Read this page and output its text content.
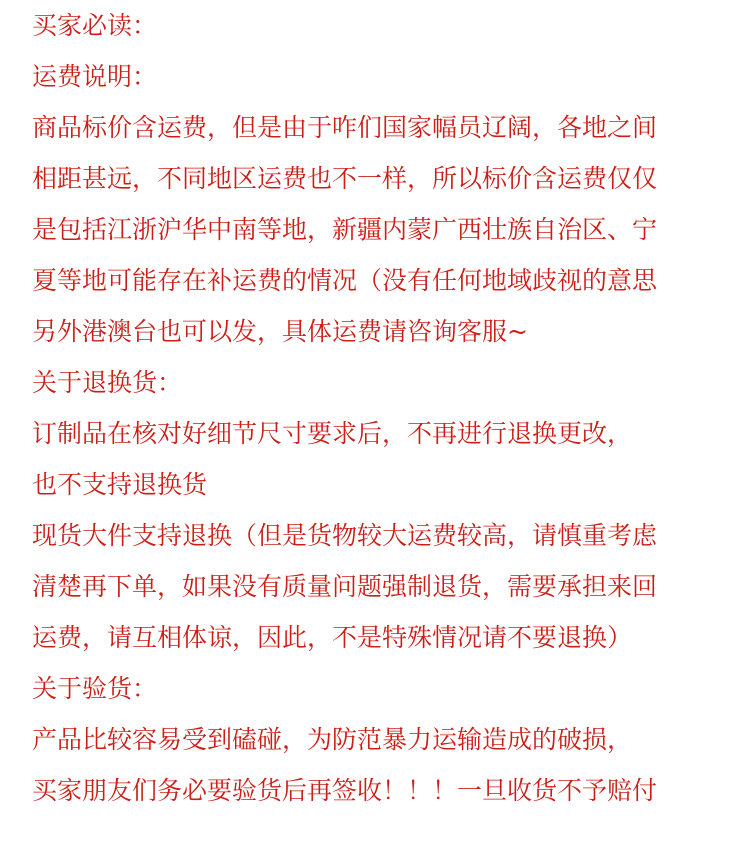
买家必读：
运费说明：
商品标价含运费，但是由于咋们国家幅员辽阔，各地之间
相距甚远，不同地区运费也不一样，所以标价含运费仅仅
是包括江浙沪华中南等地，新疆内蒙广西壮族自治区、宁
夏等地可能存在补运费的情况（没有任何地域歧视的意思
另外港澳台也可以发，具体运费请咨询客服~
关于退换货：
订制品在核对好细节尺寸要求后，不再进行退换更改，
也不支持退换货
现货大件支持退换（但是货物较大运费较高，请慎重考虑
清楚再下单，如果没有质量问题强制退货，需要承担来回
运费，请互相体谅，因此，不是特殊情况请不要退换）
关于验货：
产品比较容易受到磕碰，为防范暴力运输造成的破损，
买家朋友们务必要验货后再签收！！！一旦收货不予赔付
